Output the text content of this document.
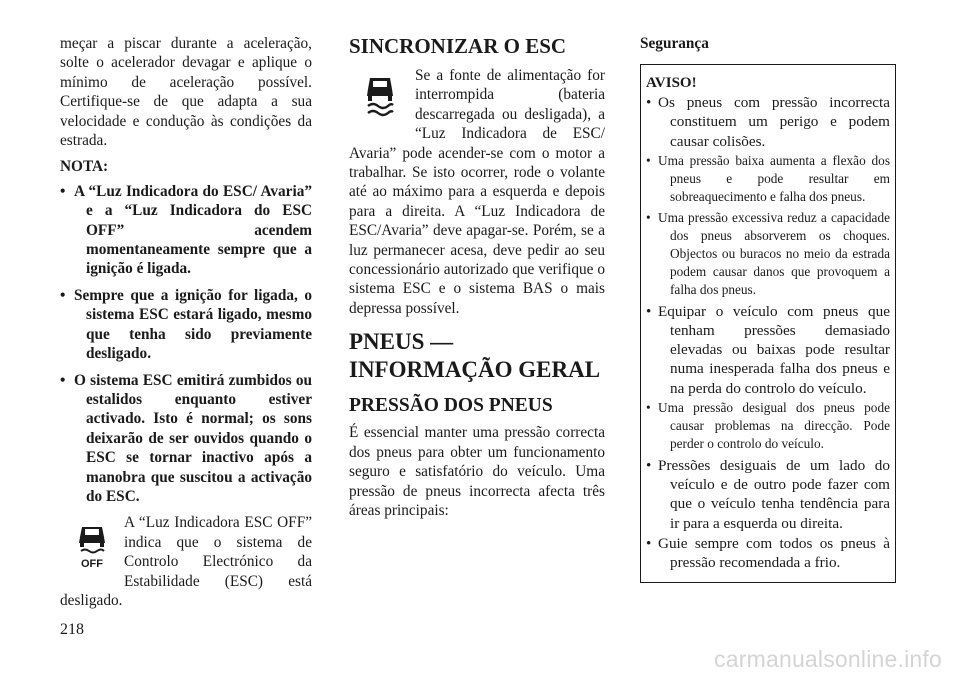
meçar a piscar durante a aceleração, solte o acelerador devagar e aplique o mínimo de aceleração possível. Certifique-se de que adapta a sua velocidade e condução às condições da estrada.

NOTA:
• A “Luz Indicadora do ESC/ Avaria” e a “Luz Indicadora do ESC OFF” acendem momentaneamente sempre que a ignição é ligada.
• Sempre que a ignição for ligada, o sistema ESC estará ligado, mesmo que tenha sido previamente desligado.
• O sistema ESC emitirá zumbidos ou estalidos enquanto estiver activado. Isto é normal; os sons deixarão de ser ouvidos quando o ESC se tornar inactivo após a manobra que suscitou a activação do ESC.
OFF

A “Luz Indicadora ESC OFF” indica que o sistema de Controlo Electrónico da Estabilidade (ESC) está desligado.

SINCRONIZAR O ESC

Se a fonte de alimentação for interrompida (bateria descarregada ou desligada), a “Luz Indicadora de ESC/ Avaria” pode acender-se com o motor a trabalhar. Se isto ocorrer, rode o volante até ao máximo para a esquerda e depois para a direita. A “Luz Indicadora de ESC/Avaria” deve apagar-se. Porém, se a luz permanecer acesa, deve pedir ao seu concessionário autorizado que verifique o sistema ESC e o sistema BAS o mais depressa possível.

PNEUS — INFORMAÇÃO GERAL
PRESSÃO DOS PNEUS

É essencial manter uma pressão correcta dos pneus para obter um funcionamento seguro e satisfatório do veículo. Uma pressão de pneus incorrecta afecta três áreas principais:

Segurança
AVISO!
• Os pneus com pressão incorrecta constituem um perigo e podem causar colisões.
• Uma pressão baixa aumenta a flexão dos pneus e pode resultar em sobreaquecimento e falha dos pneus.
• Uma pressão excessiva reduz a capacidade dos pneus absorverem os choques. Objectos ou buracos no meio da estrada podem causar danos que provoquem a falha dos pneus.
• Equipar o veículo com pneus que tenham pressões demasiado elevadas ou baixas pode resultar numa inesperada falha dos pneus e na perda do controlo do veículo.
• Uma pressão desigual dos pneus pode causar problemas na direcção. Pode perder o controlo do veículo.
• Pressões desiguais de um lado do veículo e de outro pode fazer com que o veículo tenha tendência para ir para a esquerda ou direita.
• Guie sempre com todos os pneus à pressão recomendada a frio.
218
carmanualsonline.info
